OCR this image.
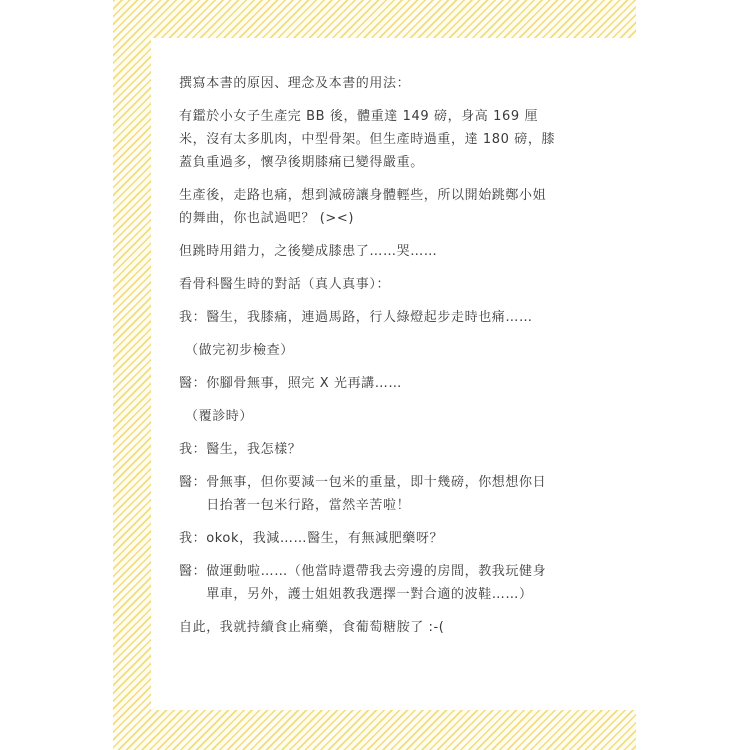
撰寫本書的原因、理念及本書的用法：
有鑑於小女子生產完 BB 後，體重達 149 磅，身高 169 厘米，沒有太多肌肉，中型骨架。但生產時過重，達 180 磅，膝蓋負重過多，懷孕後期膝痛已變得嚴重。
生產後，走路也痛，想到減磅讓身體輕些，所以開始跳鄭小姐的舞曲，你也試過吧？ (><)
但跳時用錯力，之後變成膝患了……哭……
看骨科醫生時的對話（真人真事）：
我： 醫生，我膝痛，連過馬路，行人綠燈起步走時也痛……
（做完初步檢查）
醫： 你腳骨無事，照完 X 光再講……
（覆診時）
我： 醫生，我怎樣？
醫： 骨無事，但你要減一包米的重量，即十幾磅，你想想你日日抬著一包米行路，當然辛苦啦！
我： okok，我減……醫生，有無減肥藥呀？
醫： 做運動啦……（他當時還帶我去旁邊的房間，教我玩健身單車，另外，護士姐姐教我選擇一對合適的波鞋……）
自此，我就持續食止痛藥，食葡萄糖胺了 :-(
